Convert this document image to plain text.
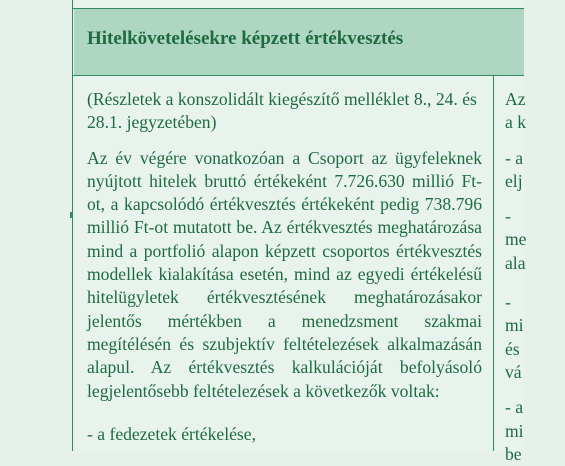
Hitelkövetelésekre képzett értékvesztés

(Részletek a konszolidált kiegészítő melléklet 8., 24. és 28.1. jegyzetében)

Az év végére vonatkozóan a Csoport az ügyfeleknek nyújtott hitelek bruttó értékeként 7.726.630 millió Ft-ot, a kapcsolódó értékvesztés értékeként pedig 738.796 millió Ft-ot mutatott be. Az értékvesztés meghatározása mind a portfolió alapon képzett csoportos értékvesztés modellek kialakítása esetén, mind az egyedi értékelésű hitelügyletek értékvesztésének meghatározásakor jelentős mértékben a menedzsment szakmai megítélésén és szubjektív feltételezések alkalmazásán alapul. Az értékvesztés kalkulációját befolyásoló legjelentősebb feltételezések a következők voltak:

- a fedezetek értékelése,

Az
a k
- a
elj
-
me
ala
-
mi
és
vá
- a
mi
be
